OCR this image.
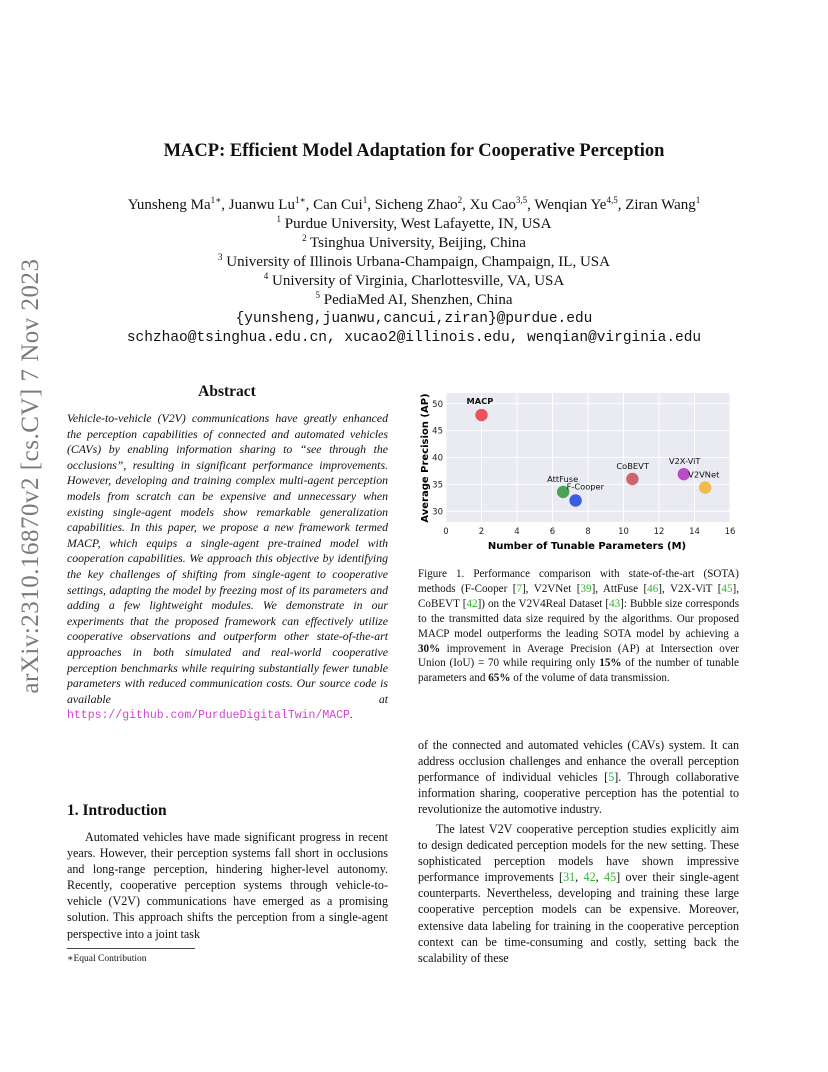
arXiv:2310.16870v2 [cs.CV] 7 Nov 2023
MACP: Efficient Model Adaptation for Cooperative Perception
Yunsheng $Ma^{1∗}$, Juanwu $Lu^{1∗}$, Can Cui$^1$, Sicheng Zhao$^2$, Xu Cao$^{3,5}$, Wenqian Ye$^{4,5}$, Ziran Wang$^1$
$^1$ Purdue University, West Lafayette, IN, USA
$^2$ Tsinghua University, Beijing, China
$^3$ University of Illinois Urbana-Champaign, Champaign, IL, USA
$^4$ University of Virginia, Charlottesville, VA, USA
$^5$ PediaMed AI, Shenzhen, China
{yunsheng,juanwu,cancui,ziran}@purdue.edu
schzhao@tsinghua.edu.cn, xucao2@illinois.edu, wenqian@virginia.edu
Abstract
Vehicle-to-vehicle (V2V) communications have greatly enhanced the perception capabilities of connected and automated vehicles (CAVs) by enabling information sharing to “see through the occlusions”, resulting in significant performance improvements. However, developing and training complex multi-agent perception models from scratch can be expensive and unnecessary when existing single-agent models show remarkable generalization capabilities. In this paper, we propose a new framework termed MACP, which equips a single-agent pre-trained model with cooperation capabilities. We approach this objective by identifying the key challenges of shifting from single-agent to cooperative settings, adapting the model by freezing most of its parameters and adding a few lightweight modules. We demonstrate in our experiments that the proposed framework can effectively utilize cooperative observations and outperform other state-of-the-art approaches in both simulated and real-world cooperative perception benchmarks while requiring substantially fewer tunable parameters with reduced communication costs. Our source code is available at https://github.com/PurdueDigitalTwin/MACP.
1. Introduction
Automated vehicles have made significant progress in recent years. However, their perception systems fall short in occlusions and long-range perception, hindering higher-level autonomy. Recently, cooperative perception systems through vehicle-to-vehicle (V2V) communications have emerged as a promising solution. This approach shifts the perception from a single-agent perspective into a joint task
∗Equal Contribution
0	2	4	6	8	10	12	14	16
30
35
40
45
50	MACP
AttFuse
F-Cooper
CoBEVT V2X-ViT
V2VNet
Number of Tunable Parameters (M)
Average Precision (AP)
Figure 1. Performance comparison with state-of-the-art (SOTA) methods (F-Cooper [7], V2VNet [39], AttFuse [46], V2X-ViT [45], CoBEVT [42]) on the V2V4Real Dataset [43]: Bubble size corresponds to the transmitted data size required by the algorithms. Our proposed MACP model outperforms the leading SOTA model by achieving a 30% improvement in Average Precision (AP) at Intersection over Union (IoU) = 70 while requiring only 15% of the number of tunable parameters and 65% of the volume of data transmission.
of the connected and automated vehicles (CAVs) system. It can address occlusion challenges and enhance the overall perception performance of individual vehicles [5]. Through collaborative information sharing, cooperative perception has the potential to revolutionize the automotive industry.
The latest V2V cooperative perception studies explicitly aim to design dedicated perception models for the new setting. These sophisticated perception models have shown impressive performance improvements [31, 42, 45] over their single-agent counterparts. Nevertheless, developing and training these large cooperative perception models can be expensive. Moreover, extensive data labeling for training in the cooperative perception context can be time-consuming and costly, setting back the scalability of these
